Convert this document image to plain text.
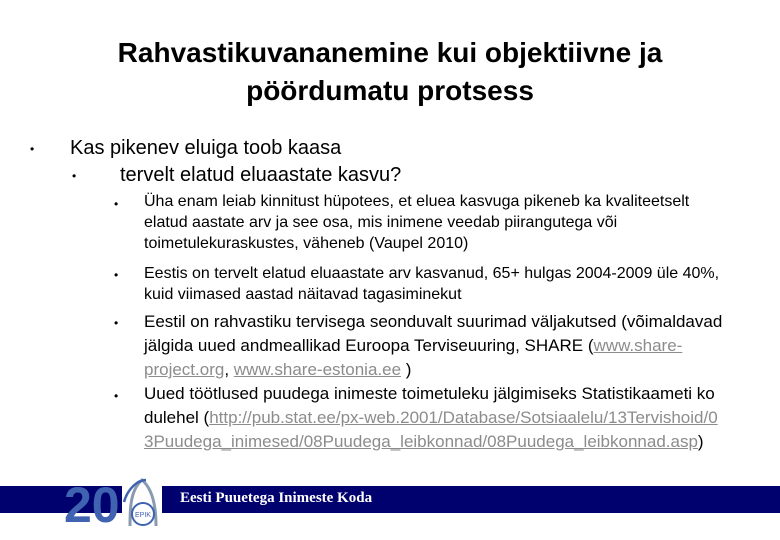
Rahvastikuvananemine kui objektiivne ja pöördumatu protsess
• Kas pikenev eluiga toob kaasa
• tervelt elatud eluaastate kasvu?
• Üha enam leiab kinnitust hüpotees, et eluea kasvuga pikeneb ka kvaliteetselt elatud aastate arv ja see osa, mis inimene veedab piirangutega või toimetulekuraskustes, väheneb (Vaupel 2010)
• Eestis on tervelt elatud eluaastate arv kasvanud, 65+ hulgas 2004-2009 üle 40%, kuid viimased aastad näitavad tagasiminekut
• Eestil on rahvastiku tervisega seonduvalt suurimad väljakutsed (võimaldavad jälgida uued andmeallikad Euroopa Terviseuuring, SHARE (www.share-project.org, www.share-estonia.ee )
• Uued töötlused puudega inimeste toimetuleku jälgimiseks Statistikaameti kodulehel (http://pub.stat.ee/px-web.2001/Database/Sotsiaalelu/13Tervishoid/03Puudega_inimesed/08Puudega_leibkonnad/08Puudega_leibkonnad.asp)
Eesti Puuetega Inimeste Koda
20 EPIK
